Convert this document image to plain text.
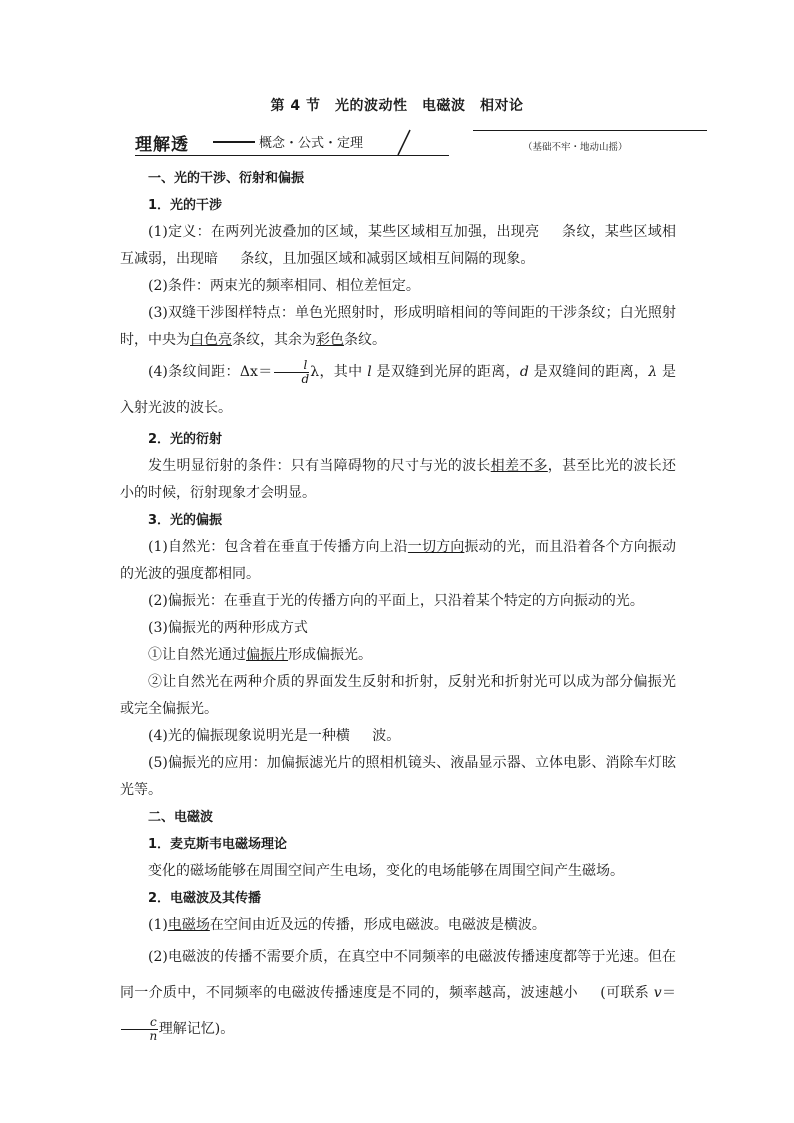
第 4 节　光的波动性　电磁波　相对论
理解透	概念・公式・定理	（基础不牢・地动山摇）

一、光的干涉、衍射和偏振

1．光的干涉

(1)定义：在两列光波叠加的区域，某些区域相互加强，出现亮 条纹，某些区域相互减弱，出现暗 条纹，且加强区域和减弱区域相互间隔的现象。

(2)条件：两束光的频率相同、相位差恒定。

(3)双缝干涉图样特点：单色光照射时，形成明暗相间的等间距的干涉条纹；白光照射时，中央为白色亮条纹，其余为彩色条纹。

(4)条纹间距：$\Delta x= \frac{l}{d}$ λ，其中 l 是双缝到光屏的距离，d 是双缝间的距离，λ 是入射光波的波长。

2．光的衍射

发生明显衍射的条件：只有当障碍物的尺寸与光的波长相差不多，甚至比光的波长还小的时候，衍射现象才会明显。

3．光的偏振

(1)自然光：包含着在垂直于传播方向上沿一切方向振动的光，而且沿着各个方向振动的光波的强度都相同。

(2)偏振光：在垂直于光的传播方向的平面上，只沿着某个特定的方向振动的光。

(3)偏振光的两种形成方式

①让自然光通过偏振片形成偏振光。

②让自然光在两种介质的界面发生反射和折射，反射光和折射光可以成为部分偏振光或完全偏振光。

(4)光的偏振现象说明光是一种横 波。

(5)偏振光的应用：加偏振滤光片的照相机镜头、液晶显示器、立体电影、消除车灯眩光等。

二、电磁波

1．麦克斯韦电磁场理论

变化的磁场能够在周围空间产生电场，变化的电场能够在周围空间产生磁场。

2．电磁波及其传播

(1)电磁场在空间由近及远的传播，形成电磁波。电磁波是横波。

(2)电磁波的传播不需要介质，在真空中不同频率的电磁波传播速度都等于光速。但在同一介质中，不同频率的电磁波传播速度是不同的，频率越高，波速越小 (可联系 v＝
$\frac{c}{n}$ 理解记忆)。
